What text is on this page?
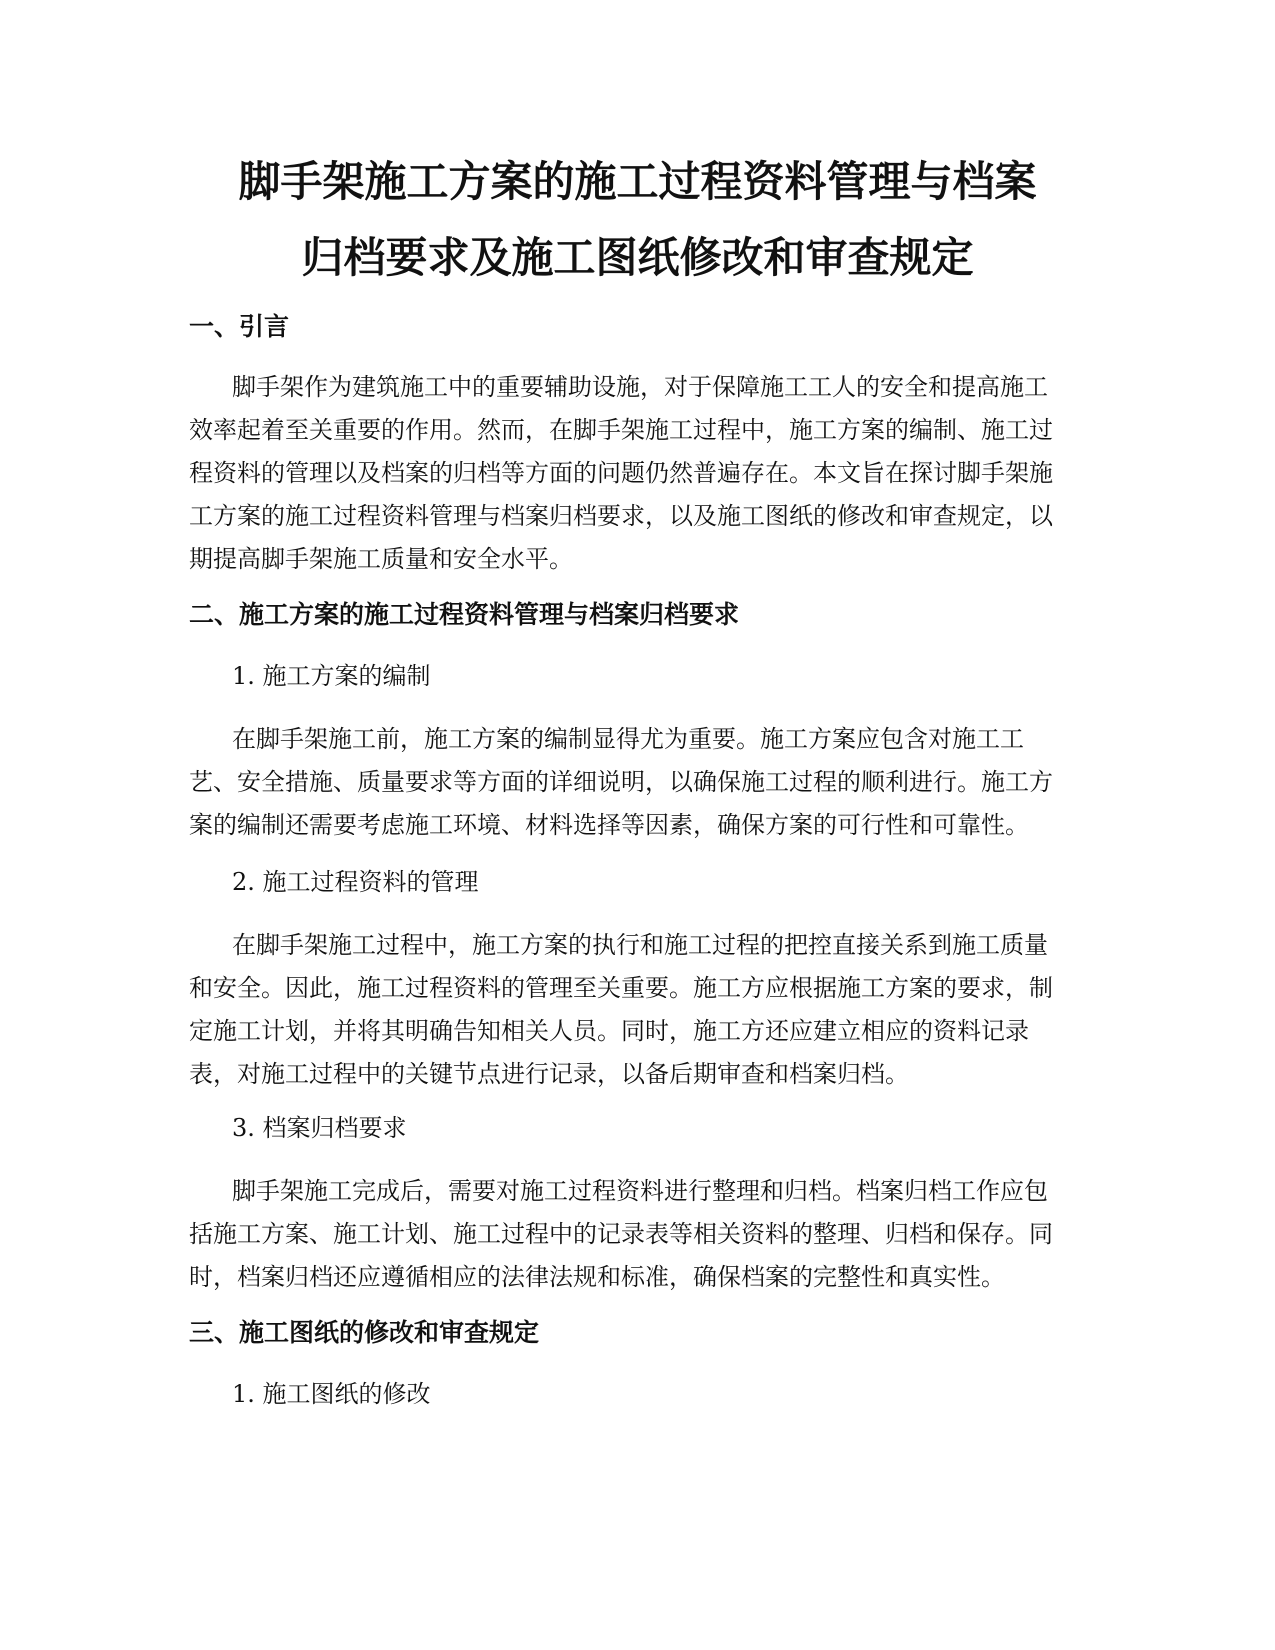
脚手架施工方案的施工过程资料管理与档案
归档要求及施工图纸修改和审查规定
一、引言
脚手架作为建筑施工中的重要辅助设施，对于保障施工工人的安全和提高施工
效率起着至关重要的作用。然而，在脚手架施工过程中，施工方案的编制、施工过
程资料的管理以及档案的归档等方面的问题仍然普遍存在。本文旨在探讨脚手架施
工方案的施工过程资料管理与档案归档要求，以及施工图纸的修改和审查规定，以
期提高脚手架施工质量和安全水平。
二、施工方案的施工过程资料管理与档案归档要求

1. 施工方案的编制

在脚手架施工前，施工方案的编制显得尤为重要。施工方案应包含对施工工
艺、安全措施、质量要求等方面的详细说明，以确保施工过程的顺利进行。施工方
案的编制还需要考虑施工环境、材料选择等因素，确保方案的可行性和可靠性。

2. 施工过程资料的管理

在脚手架施工过程中，施工方案的执行和施工过程的把控直接关系到施工质量
和安全。因此，施工过程资料的管理至关重要。施工方应根据施工方案的要求，制
定施工计划，并将其明确告知相关人员。同时，施工方还应建立相应的资料记录
表，对施工过程中的关键节点进行记录，以备后期审查和档案归档。

3. 档案归档要求

脚手架施工完成后，需要对施工过程资料进行整理和归档。档案归档工作应包
括施工方案、施工计划、施工过程中的记录表等相关资料的整理、归档和保存。同
时，档案归档还应遵循相应的法律法规和标准，确保档案的完整性和真实性。
三、施工图纸的修改和审查规定

1. 施工图纸的修改
